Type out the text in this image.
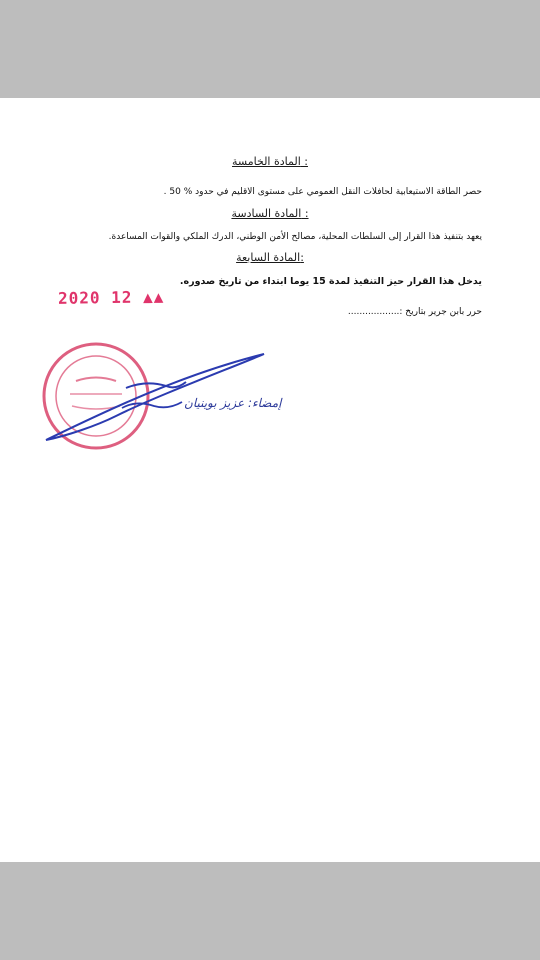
المادة الخامسة :
حصر الطاقة الاستيعابية لحافلات النقل العمومي على مستوى الاقليم في حدود % 50 .
المادة السادسة :
يعهد بتنفيذ هذا القرار إلى السلطات المحلية، مصالح الأمن الوطني، الدرك الملكي والقوات المساعدة.
المادة السابعة:
يدخل هذا القرار حيز التنفيذ لمدة 15 يوما ابتداء من تاريخ صدوره.
2020 12 ▲▲
حرر بابن جرير بتاريخ :..................
إمضاء: عزيز بوينيان
